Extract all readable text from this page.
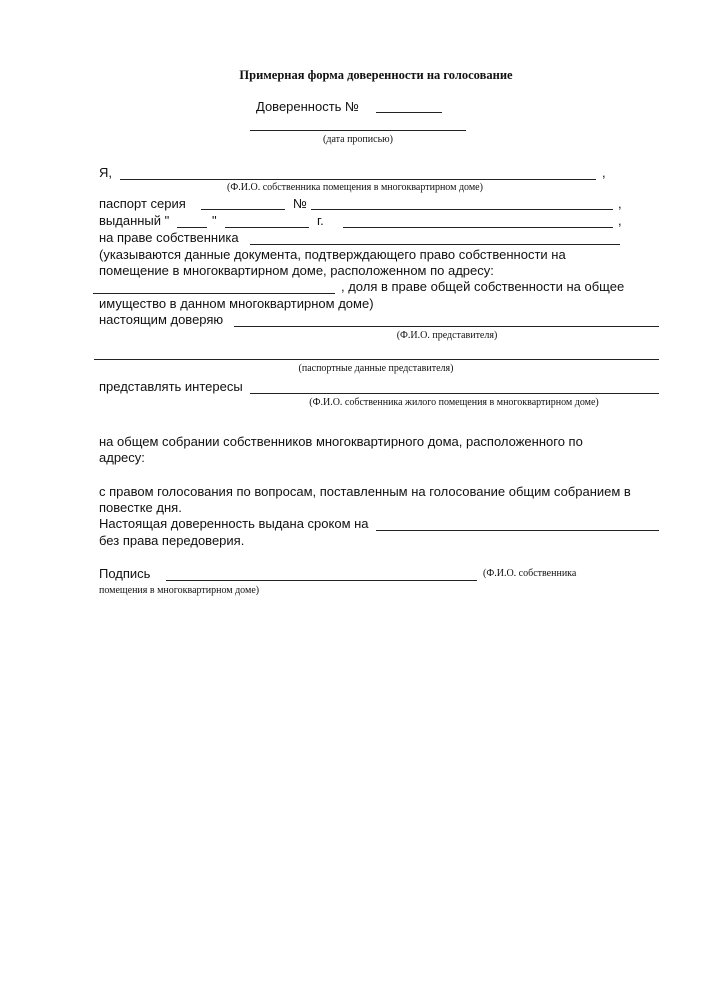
Примерная форма доверенности на голосование
Доверенность №
(дата прописью)
Я,	,
(Ф.И.О. собственника помещения в многоквартирном доме)
паспорт серия	№	,
выданный "	"	г.	,
на праве собственника
(указываются данные документа, подтверждающего право собственности на
помещение в многоквартирном доме, расположенном по адресу:
, доля в праве общей собственности на общее
имущество в данном многоквартирном доме)
настоящим доверяю
(Ф.И.О. представителя)
(паспортные данные представителя)
представлять интересы
(Ф.И.О. собственника жилого помещения в многоквартирном доме)
на общем собрании собственников многоквартирного дома, расположенного по
адресу:
с правом голосования по вопросам, поставленным на голосование общим собранием в
повестке дня.
Настоящая доверенность выдана сроком на
без права передоверия.
Подпись	(Ф.И.О. собственника
помещения в многоквартирном доме)
